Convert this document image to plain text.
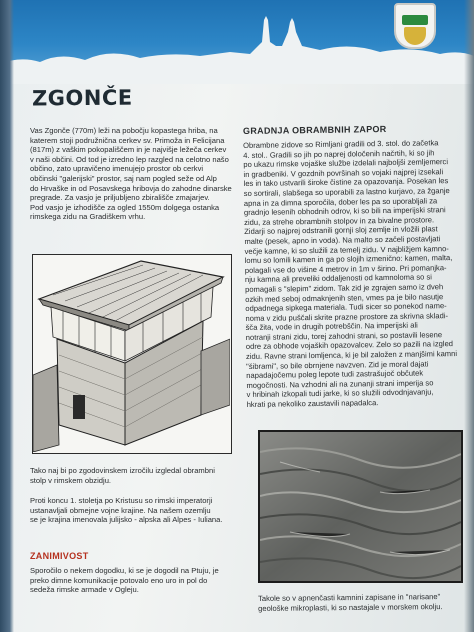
ZGONČE

Vas Zgonče (770m) leži na pobočju kopastega hriba, na

katerem stoji podružnična cerkev sv. Primoža in Felicijana

(817m) z vaškim pokopališčem in je najvišje ležeča cerkev

v naši občini. Od tod je izredno lep razgled na celotno našo

občino, zato upravičeno imenujejo prostor ob cerkvi

občinski "galerijski" prostor, saj nam pogled seže od Alp

do Hrvaške in od Posavskega hribovja do zahodne dinarske

pregrade. Za vasjo je priljubljeno zbirališče zmajarjev.

Pod vasjo je izhodišče za ogled 1550m dolgega ostanka

rimskega zidu na Gradiškem vrhu.

GRADNJA OBRAMBNIH ZAPOR

Obrambne zidove so Rimljani gradili od 3. stol. do začetka

4. stol.. Gradili so jih po naprej določenih načrtih, ki so jih

po ukazu rimske vojaške službe izdelali najboljši zemljemerci

in gradbeniki. V gozdnih površinah so vojaki najprej izsekali

les in tako ustvarili široke čistine za opazovanja. Posekan les

so sortirali, slabšega so uporabili za lastno kurjavo, za žganje

apna in za dimna sporočila, dober les pa so uporabljali za

gradnjo lesenih obhodnih odrov, ki so bili na imperijski strani

zidu, za strehe obrambnih stolpov in za bivalne prostore.

Zidarji so najprej odstranili gornji sloj zemlje in vložili plast

malte (pesek, apno in voda). Na malto so začeli postavljati

večje kamne, ki so služili za temelj zidu. V najbližjem kamno-

lomu so lomili kamen in ga po slojih izmenično: kamen, malta,

polagali vse do višine 4 metrov in 1m v širino. Pri pomanjka-

nju kamna ali preveliki oddaljenosti od kamnoloma so si

pomagali s "slepim" zidom. Tak zid je zgrajen samo iz dveh

ozkih med seboj odmaknjenih sten, vmes pa je bilo nasutje

odpadnega sipkega materiala. Tudi sicer so ponekod name-

noma v zidu puščali skrite prazne prostore za skrivna skladi-

šča žita, vode in drugih potrebščin. Na imperijski ali

notranji strani zidu, torej zahodni strani, so postavili lesene

odre za obhode vojaških opazovalcev. Zelo so pazili na izgled

zidu. Ravne strani lomljenca, ki je bil založen z manjšimi kamni

"šibrami", so bile obrnjene navzven. Zid je moral dajati

napadajočemu poleg lepote tudi zastrašujoč občutek

mogočnosti. Na vzhodni ali na zunanji strani imperija so

v hribinah izkopali tudi jarke, ki so služili odvodnjavanju,

hkrati pa nekoliko zaustavili napadalca.

Tako naj bi po zgodovinskem izročilu izgledal obrambni

stolp v rimskem obzidju.

Proti koncu 1. stoletja po Kristusu so rimski imperatorji

ustanavljali obmejne vojne krajine. Na našem ozemlju

se je krajina imenovala julijsko - alpska ali Alpes - Iuliana.

ZANIMIVOST

Sporočilo o nekem dogodku, ki se je dogodil na Ptuju, je

preko dimne komunikacije potovalo eno uro in pol do

sedeža rimske armade v Ogleju.

Takole so v apnenčasti kamnini zapisane in "narisane"

geološke mikroplasti, ki so nastajale v morskem okolju.
